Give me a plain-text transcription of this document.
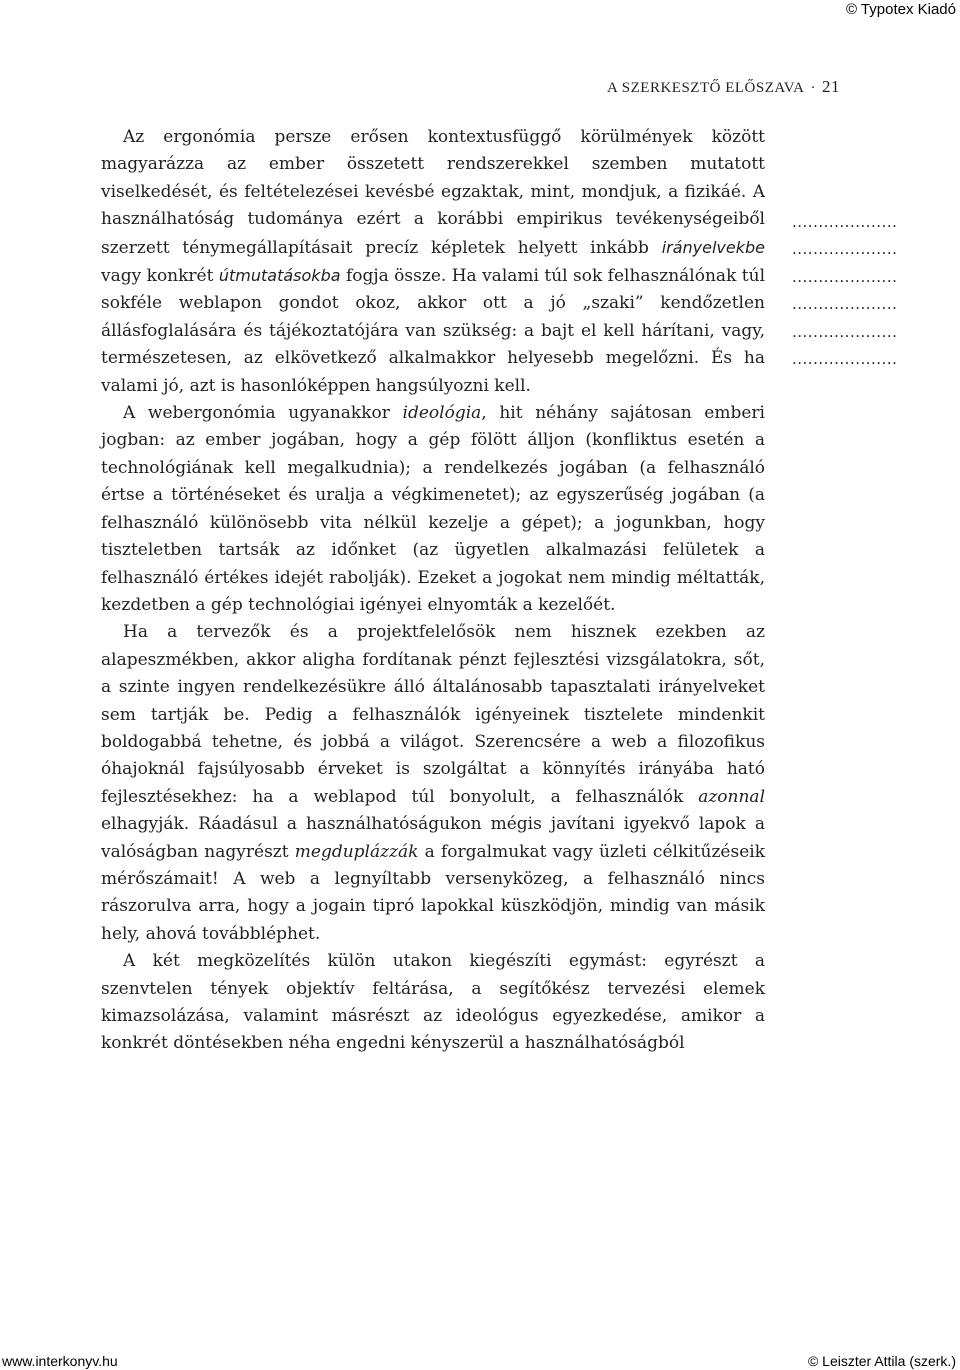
© Typotex Kiadó
A SZERKESZTŐ ELŐSZAVA · 21

Az ergonómia persze erősen kontextusfüggő körülmények között magyarázza az ember összetett rendszerekkel szemben mutatott viselkedését, és feltételezései kevésbé egzaktak, mint, mondjuk, a fizikáé. A használhatóság tudománya ezért a korábbi empirikus tevékenységeiből szerzett ténymegállapításait precíz képletek helyett inkább irányelvekbe vagy konkrét útmutatásokba fogja össze. Ha valami túl sok felhasználónak túl sokféle weblapon gondot okoz, akkor ott a jó „szaki” kendőzetlen állásfoglalására és tájékoztatójára van szükség: a bajt el kell hárítani, vagy, természetesen, az elkövetkező alkalmakkor helyesebb megelőzni. És ha valami jó, azt is hasonlóképpen hangsúlyozni kell.

A webergonómia ugyanakkor ideológia, hit néhány sajátosan emberi jogban: az ember jogában, hogy a gép fölött álljon (konfliktus esetén a technológiának kell megalkudnia); a rendelkezés jogában (a felhasználó értse a történéseket és uralja a végkimenetet); az egyszerűség jogában (a felhasználó különösebb vita nélkül kezelje a gépet); a jogunkban, hogy tiszteletben tartsák az időnket (az ügyetlen alkalmazási felületek a felhasználó értékes idejét rabolják). Ezeket a jogokat nem mindig méltatták, kezdetben a gép technológiai igényei elnyomták a kezelőét.

Ha a tervezők és a projektfelelősök nem hisznek ezekben az alapeszmékben, akkor aligha fordítanak pénzt fejlesztési vizsgálatokra, sőt, a szinte ingyen rendelkezésükre álló általánosabb tapasztalati irányelveket sem tartják be. Pedig a felhasználók igényeinek tisztelete mindenkit boldogabbá tehetne, és jobbá a világot. Szerencsére a web a filozofikus óhajoknál fajsúlyosabb érveket is szolgáltat a könnyítés irányába ható fejlesztésekhez: ha a weblapod túl bonyolult, a felhasználók azonnal elhagyják. Ráadásul a használhatóságukon mégis javítani igyekvő lapok a valóságban nagyrészt megduplázzák a forgalmukat vagy üzleti célkitűzéseik mérőszámait! A web a legnyíltabb versenyközeg, a felhasználó nincs rászorulva arra, hogy a jogain tipró lapokkal küszködjön, mindig van másik hely, ahová továbbléphet.

A két megközelítés külön utakon kiegészíti egymást: egyrészt a szenvtelen tények objektív feltárása, a segítőkész tervezési elemek kimazsolázása, valamint másrészt az ideológus egyezkedése, amikor a konkrét döntésekben néha engedni kényszerül a használhatóságból

....................
....................
....................
....................
....................
....................
www.interkonyv.hu	© Leiszter Attila (szerk.)
